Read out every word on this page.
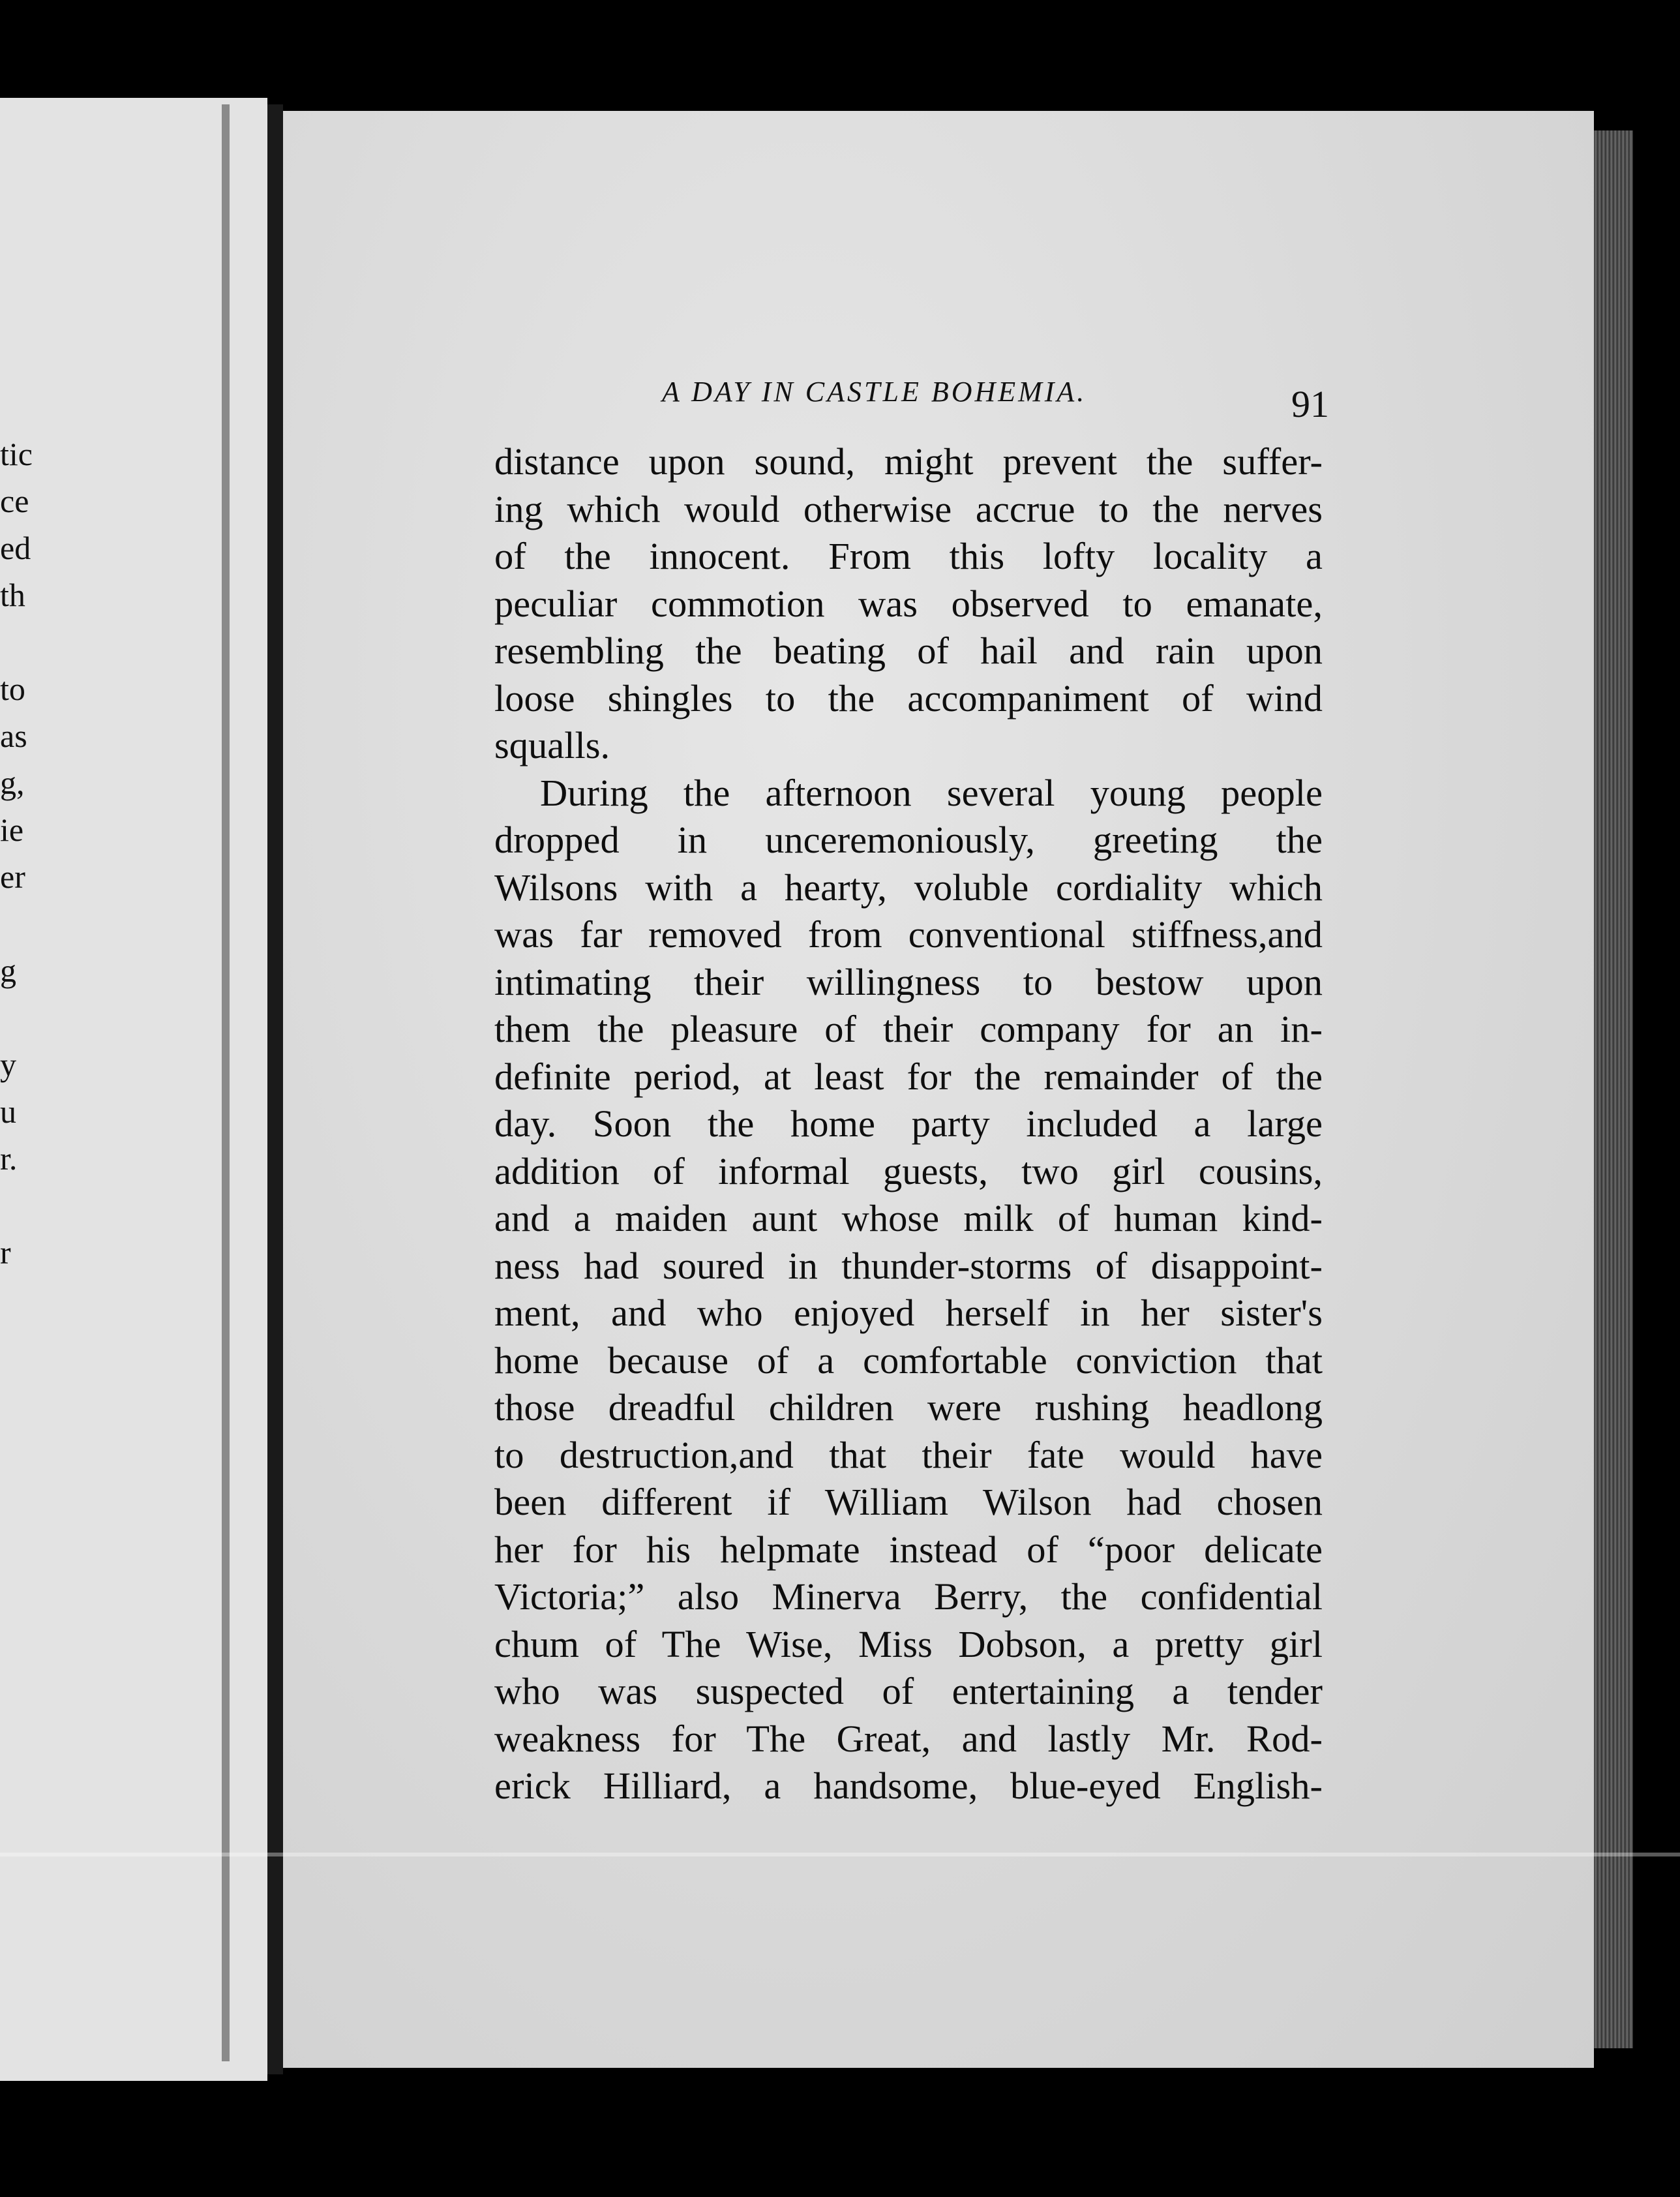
tic
ce
ed
th
to
as
g,
ie
er
g
y
u
r.
r
A DAY IN CASTLE BOHEMIA.	91
distance upon sound, might prevent the suffer-
ing which would otherwise accrue to the nerves
of the innocent. From this lofty locality a
peculiar commotion was observed to emanate,
resembling the beating of hail and rain upon
loose shingles to the accompaniment of wind
squalls.
During the afternoon several young people
dropped in unceremoniously, greeting the
Wilsons with a hearty, voluble cordiality which
was far removed from conventional stiffness,and
intimating their willingness to bestow upon
them the pleasure of their company for an in-
definite period, at least for the remainder of the
day. Soon the home party included a large
addition of informal guests, two girl cousins,
and a maiden aunt whose milk of human kind-
ness had soured in thunder-storms of disappoint-
ment, and who enjoyed herself in her sister's
home because of a comfortable conviction that
those dreadful children were rushing headlong
to destruction,and that their fate would have
been different if William Wilson had chosen
her for his helpmate instead of “poor delicate
Victoria;” also Minerva Berry, the confidential
chum of The Wise, Miss Dobson, a pretty girl
who was suspected of entertaining a tender
weakness for The Great, and lastly Mr. Rod-
erick Hilliard, a handsome, blue-eyed English-
